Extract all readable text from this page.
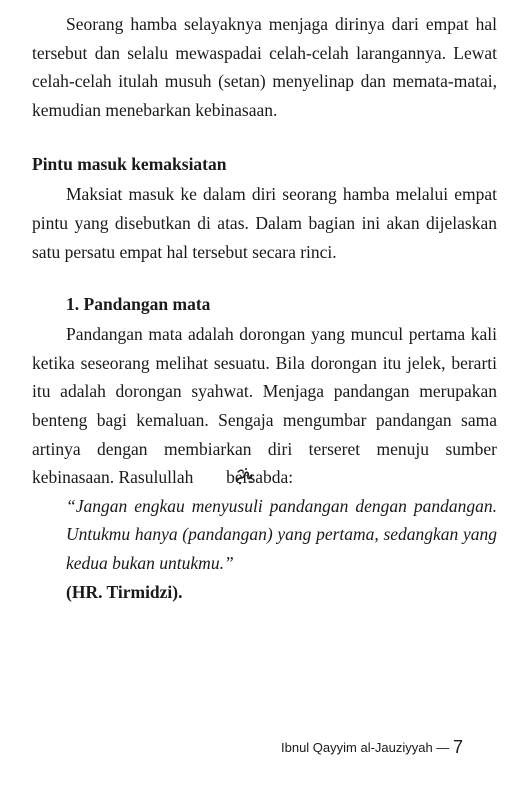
Seorang hamba selayaknya menjaga dirinya dari empat hal tersebut dan selalu mewaspadai celah-celah larangannya. Lewat celah-celah itulah musuh (setan) menyelinap dan memata-matai, kemudian menebarkan kebinasaan.

Pintu masuk kemaksiatan

Maksiat masuk ke dalam diri seorang hamba melalui empat pintu yang disebutkan di atas. Dalam bagian ini akan dijelaskan satu persatu empat hal tersebut secara rinci.

1. Pandangan mata

Pandangan mata adalah dorongan yang muncul pertama kali ketika seseorang melihat sesuatu. Bila dorongan itu jelek, berarti itu adalah dorongan syahwat. Menjaga pandangan merupakan benteng bagi kemaluan. Sengaja mengumbar pandangan sama artinya dengan membiarkan diri terseret menuju sumber kebinasaan. Rasulullah bersabda:

“Jangan engkau menyusuli pandangan dengan pandangan. Untukmu hanya (pandangan) yang pertama, sedangkan yang kedua bukan untukmu.”

(HR. Tirmidzi).

Ibnul Qayyim al-Jauziyyah — 7
